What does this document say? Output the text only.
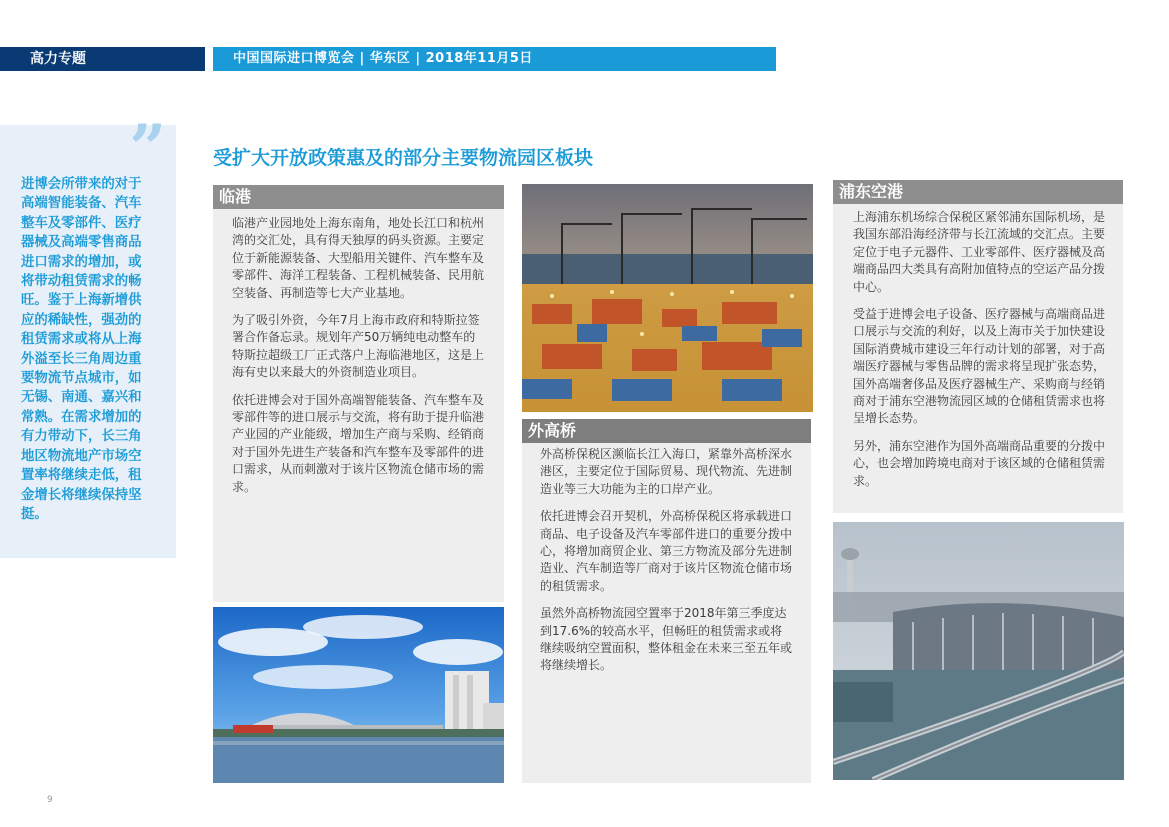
高力专题	中国国际进口博览会 | 华东区 | 2018年11月5日
”
进博会所带来的对于高端智能装备、汽车整车及零部件、医疗器械及高端零售商品进口需求的增加，或将带动租赁需求的畅旺。鉴于上海新增供应的稀缺性，强劲的租赁需求或将从上海外溢至长三角周边重要物流节点城市，如无锡、南通、嘉兴和常熟。在需求增加的有力带动下，长三角地区物流地产市场空置率将继续走低，租金增长将继续保持坚挺。
受扩大开放政策惠及的部分主要物流园区板块
临港

临港产业园地处上海东南角，地处长江口和杭州湾的交汇处，具有得天独厚的码头资源。主要定位于新能源装备、大型船用关键件、汽车整车及零部件、海洋工程装备、工程机械装备、民用航空装备、再制造等七大产业基地。

为了吸引外资，今年7月上海市政府和特斯拉签署合作备忘录。规划年产50万辆纯电动整车的特斯拉超级工厂正式落户上海临港地区，这是上海有史以来最大的外资制造业项目。

依托进博会对于国外高端智能装备、汽车整车及零部件等的进口展示与交流，将有助于提升临港产业园的产业能级，增加生产商与采购、经销商对于国外先进生产装备和汽车整车及零部件的进口需求，从而刺激对于该片区物流仓储市场的需求。

外高桥

外高桥保税区濒临长江入海口，紧靠外高桥深水港区，主要定位于国际贸易、现代物流、先进制造业等三大功能为主的口岸产业。

依托进博会召开契机，外高桥保税区将承载进口商品、电子设备及汽车零部件进口的重要分拨中心，将增加商贸企业、第三方物流及部分先进制造业、汽车制造等厂商对于该片区物流仓储市场的租赁需求。

虽然外高桥物流园空置率于2018年第三季度达到17.6%的较高水平，但畅旺的租赁需求或将继续吸纳空置面积，整体租金在未来三至五年或将继续增长。

浦东空港

上海浦东机场综合保税区紧邻浦东国际机场，是我国东部沿海经济带与长江流域的交汇点。主要定位于电子元器件、工业零部件、医疗器械及高端商品四大类具有高附加值特点的空运产品分拨中心。

受益于进博会电子设备、医疗器械与高端商品进口展示与交流的利好，以及上海市关于加快建设国际消费城市建设三年行动计划的部署，对于高端医疗器械与零售品牌的需求将呈现扩张态势，国外高端奢侈品及医疗器械生产、采购商与经销商对于浦东空港物流园区域的仓储租赁需求也将呈增长态势。

另外，浦东空港作为国外高端商品重要的分拨中心，也会增加跨境电商对于该区域的仓储租赁需求。

9
